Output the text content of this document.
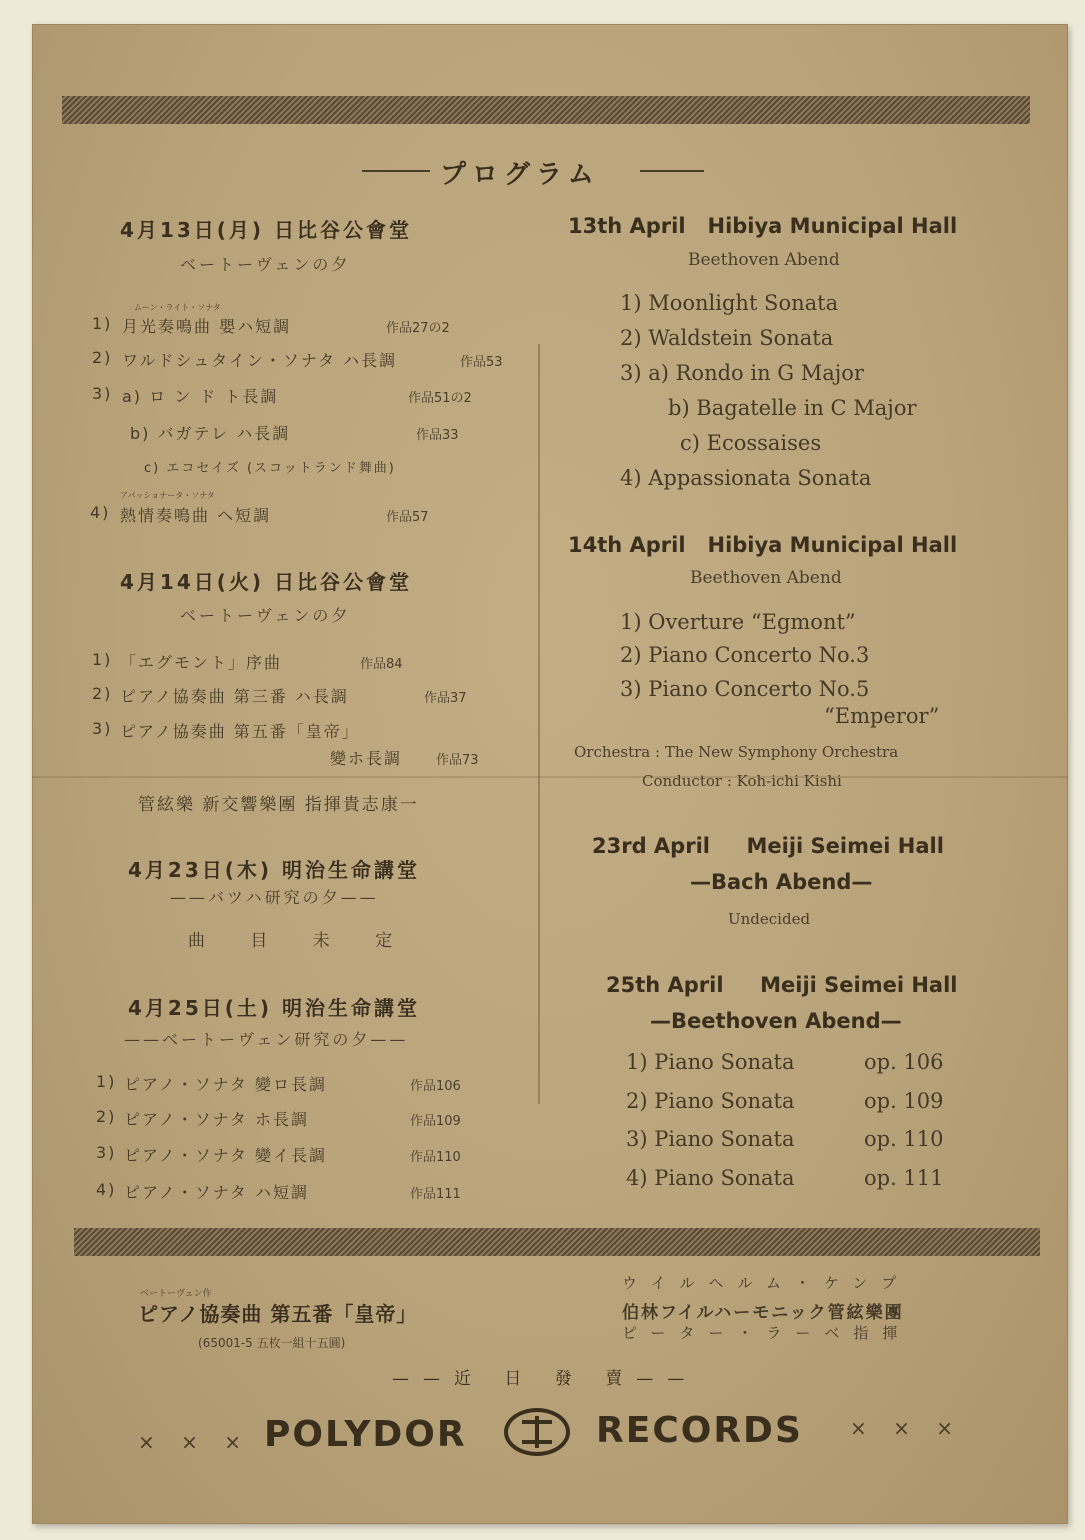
プログラム
4月13日(月) 日比谷公會堂
ベートーヴェンの夕
ムーン・ライト・ソナタ
1) 月光奏鳴曲 嬰ハ短調	作品27の2
2) ワルドシュタイン・ソナタ ハ長調	作品53
3) a) ロ ン ド ト長調	作品51の2
b) バガテレ ハ長調	作品33
c) エコセイズ (スコットランド舞曲)
アパッショナータ・ソナタ
4) 熱情奏鳴曲 ヘ短調	作品57
4月14日(火) 日比谷公會堂
ベートーヴェンの夕
1) 「エグモント」序曲	作品84
2) ピアノ協奏曲 第三番 ハ長調	作品37
3) ピアノ協奏曲 第五番「皇帝」
變ホ長調	作品73
管絃樂 新交響樂團 指揮貴志康一
4月23日(木) 明治生命講堂
——バツハ研究の夕——
曲 目 未 定
4月25日(土) 明治生命講堂
——ベートーヴェン研究の夕——
1) ピアノ・ソナタ 變ロ長調	作品106
2) ピアノ・ソナタ ホ長調	作品109
3) ピアノ・ソナタ 變イ長調	作品110
4) ピアノ・ソナタ ハ短調	作品111
13th April   Hibiya Municipal Hall
Beethoven Abend
1) Moonlight Sonata
2) Waldstein Sonata
3) a) Rondo in G Major
b) Bagatelle in C Major
c) Ecossaises
4) Appassionata Sonata
14th April   Hibiya Municipal Hall
Beethoven Abend
1) Overture “Egmont”
2) Piano Concerto No.3
3) Piano Concerto No.5
“Emperor”
Orchestra : The New Symphony Orchestra
Conductor : Koh-ichi Kishi
23rd April     Meiji Seimei Hall
—Bach Abend—
Undecided
25th April     Meiji Seimei Hall
—Beethoven Abend—
1) Piano Sonata	op. 106
2) Piano Sonata	op. 109
3) Piano Sonata	op. 110
4) Piano Sonata	op. 111
ベートーヴェン作
ピアノ協奏曲 第五番「皇帝」
(65001-5 五枚一組十五圓)
ウイルヘルム・ケンプ
伯林フイルハーモニック管絃樂團
ピーター・ラーベ指揮
——近 日 發 賣——
× × × POLYDOR	RECORDS × × ×
